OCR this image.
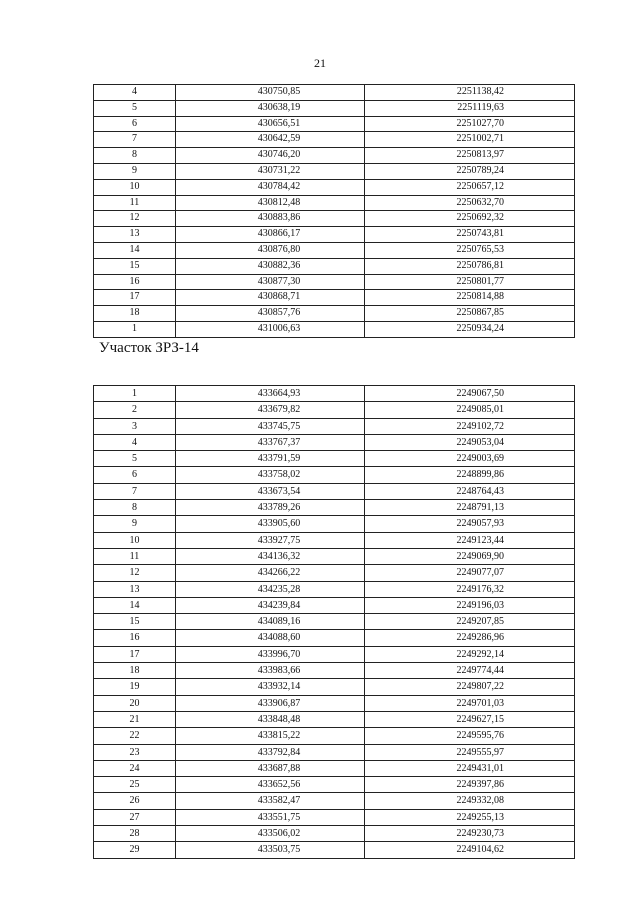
21
4	430750,85	2251138,42
5	430638,19	2251119,63
6	430656,51	2251027,70
7	430642,59	2251002,71
8	430746,20	2250813,97
9	430731,22	2250789,24
10	430784,42	2250657,12
11	430812,48	2250632,70
12	430883,86	2250692,32
13	430866,17	2250743,81
14	430876,80	2250765,53
15	430882,36	2250786,81
16	430877,30	2250801,77
17	430868,71	2250814,88
18	430857,76	2250867,85
1	431006,63	2250934,24
Участок ЗРЗ-14
1	433664,93	2249067,50
2	433679,82	2249085,01
3	433745,75	2249102,72
4	433767,37	2249053,04
5	433791,59	2249003,69
6	433758,02	2248899,86
7	433673,54	2248764,43
8	433789,26	2248791,13
9	433905,60	2249057,93
10	433927,75	2249123,44
11	434136,32	2249069,90
12	434266,22	2249077,07
13	434235,28	2249176,32
14	434239,84	2249196,03
15	434089,16	2249207,85
16	434088,60	2249286,96
17	433996,70	2249292,14
18	433983,66	2249774,44
19	433932,14	2249807,22
20	433906,87	2249701,03
21	433848,48	2249627,15
22	433815,22	2249595,76
23	433792,84	2249555,97
24	433687,88	2249431,01
25	433652,56	2249397,86
26	433582,47	2249332,08
27	433551,75	2249255,13
28	433506,02	2249230,73
29	433503,75	2249104,62
